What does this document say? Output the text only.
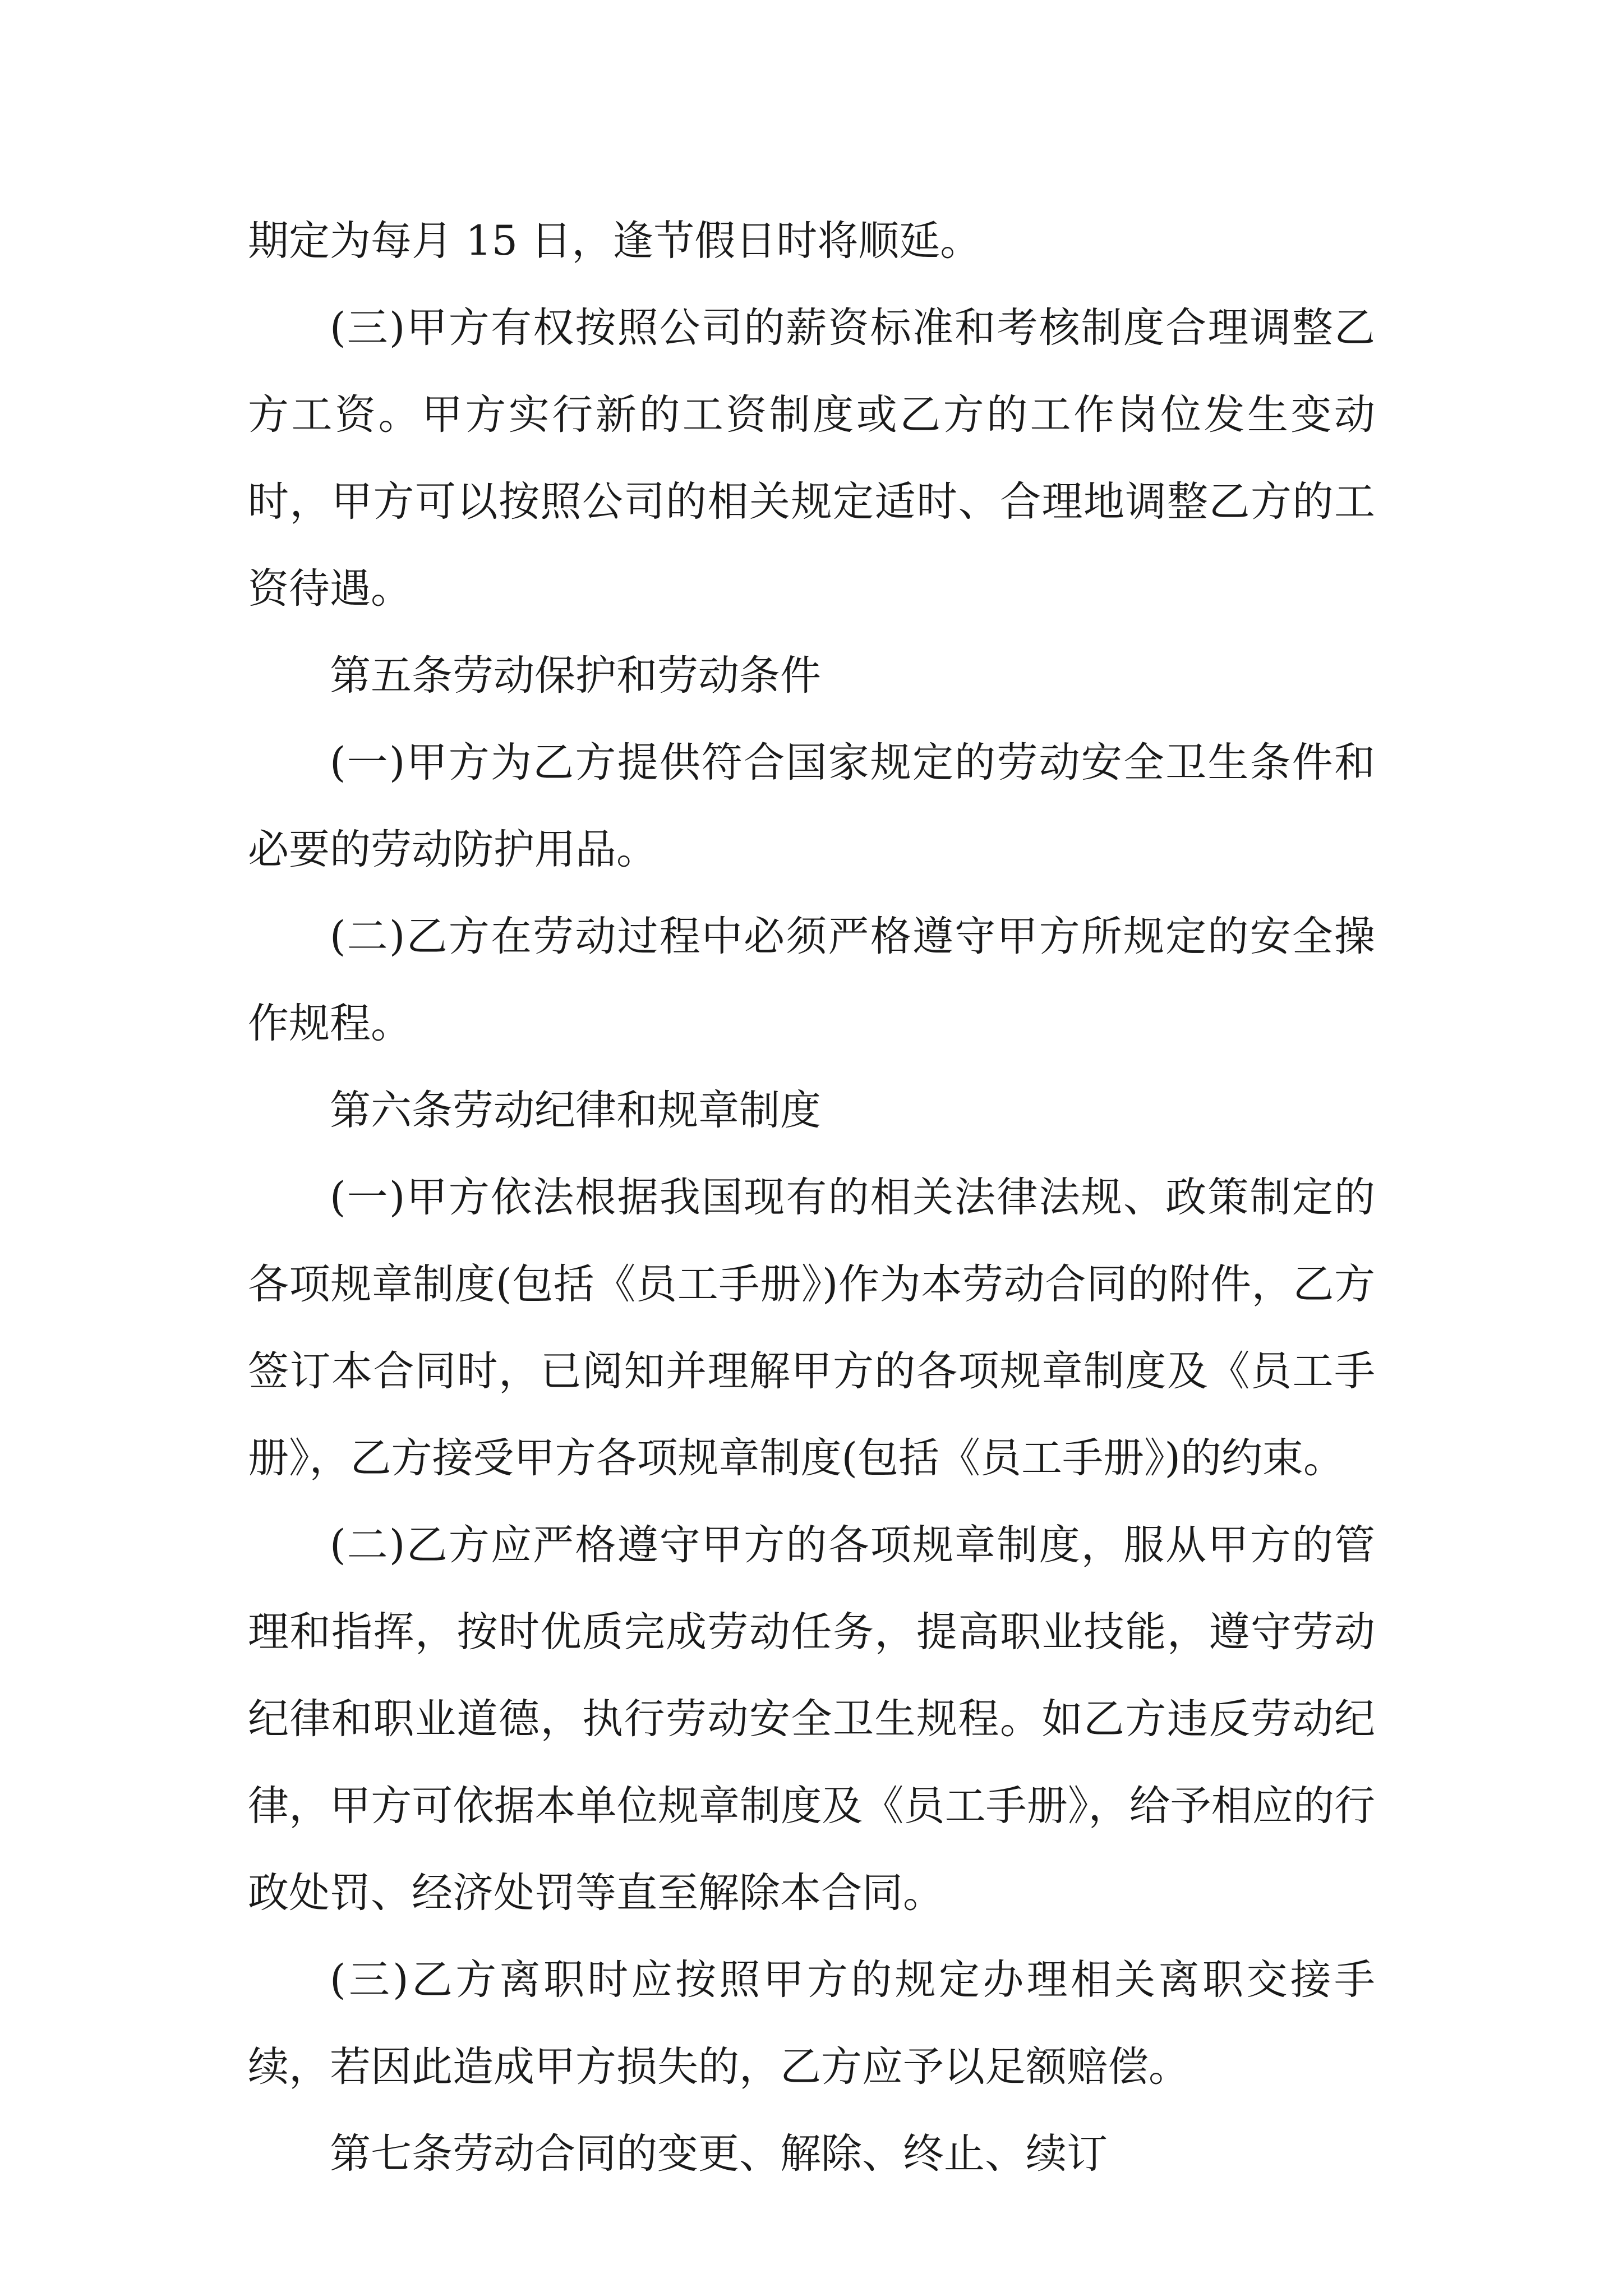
期定为每月 15 日，逢节假日时将顺延。

(三)甲方有权按照公司的薪资标准和考核制度合理调整乙方工资。甲方实行新的工资制度或乙方的工作岗位发生变动时，甲方可以按照公司的相关规定适时、合理地调整乙方的工资待遇。

第五条劳动保护和劳动条件

(一)甲方为乙方提供符合国家规定的劳动安全卫生条件和必要的劳动防护用品。

(二)乙方在劳动过程中必须严格遵守甲方所规定的安全操作规程。

第六条劳动纪律和规章制度

(一)甲方依法根据我国现有的相关法律法规、政策制定的各项规章制度(包括《员工手册》)作为本劳动合同的附件，乙方签订本合同时，已阅知并理解甲方的各项规章制度及《员工手册》，乙方接受甲方各项规章制度(包括《员工手册》)的约束。

(二)乙方应严格遵守甲方的各项规章制度，服从甲方的管理和指挥，按时优质完成劳动任务，提高职业技能，遵守劳动纪律和职业道德，执行劳动安全卫生规程。如乙方违反劳动纪律，甲方可依据本单位规章制度及《员工手册》，给予相应的行政处罚、经济处罚等直至解除本合同。

(三)乙方离职时应按照甲方的规定办理相关离职交接手续，若因此造成甲方损失的，乙方应予以足额赔偿。

第七条劳动合同的变更、解除、终止、续订
